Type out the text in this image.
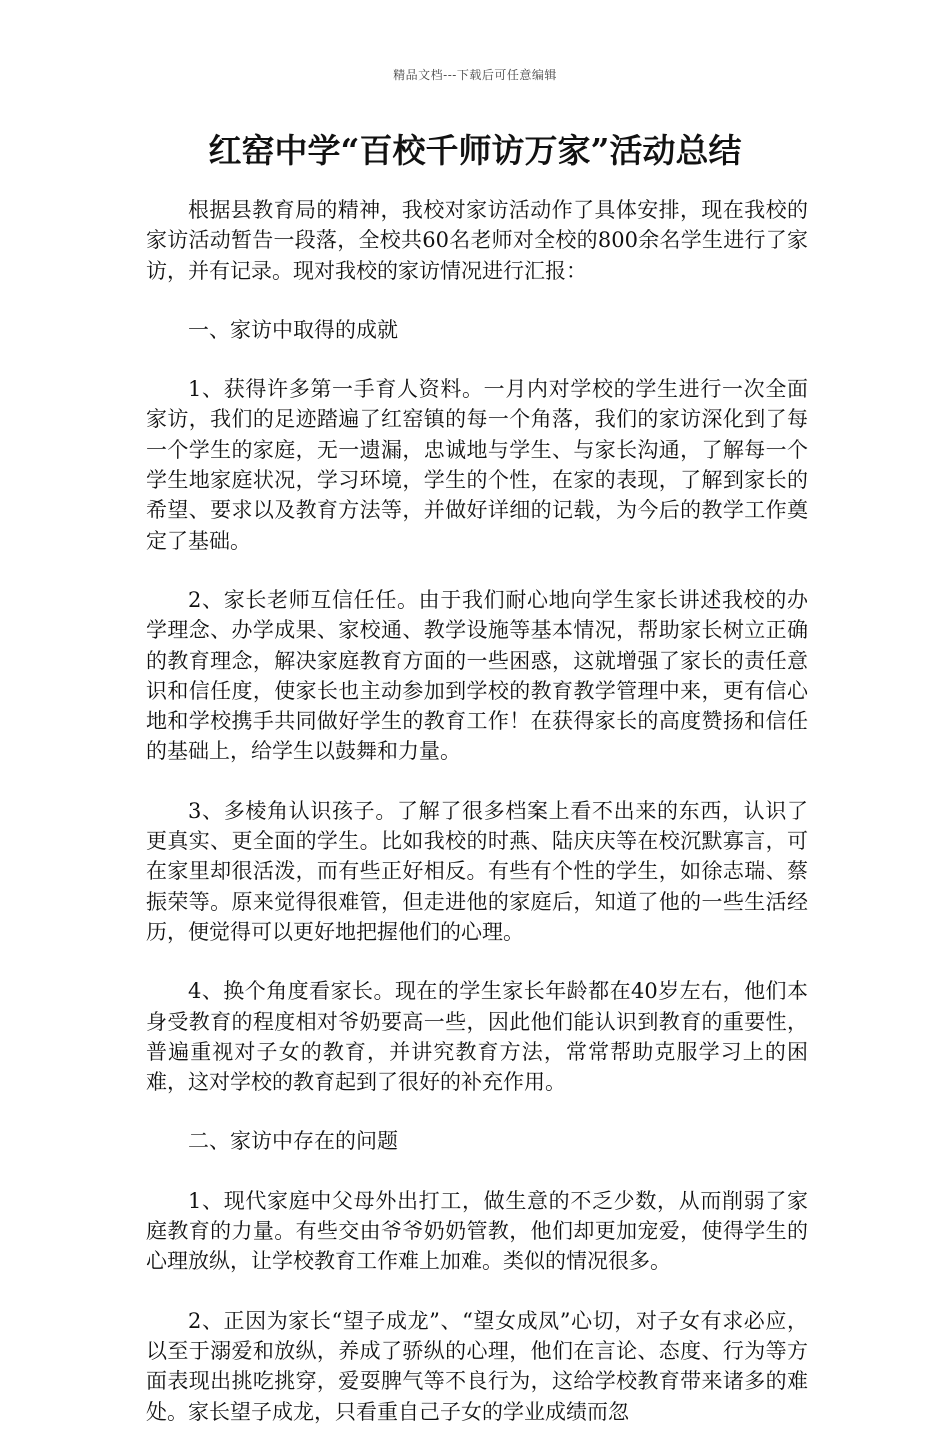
精品文档---下载后可任意编辑
红窑中学“百校千师访万家”活动总结

根据县教育局的精神，我校对家访活动作了具体安排，现在我校的家访活动暂告一段落，全校共60名老师对全校的800余名学生进行了家访，并有记录。现对我校的家访情况进行汇报：

一、家访中取得的成就

1、获得许多第一手育人资料。一月内对学校的学生进行一次全面家访，我们的足迹踏遍了红窑镇的每一个角落，我们的家访深化到了每一个学生的家庭，无一遗漏，忠诚地与学生、与家长沟通，了解每一个学生地家庭状况，学习环境，学生的个性，在家的表现，了解到家长的希望、要求以及教育方法等，并做好详细的记载，为今后的教学工作奠定了基础。

2、家长老师互信任任。由于我们耐心地向学生家长讲述我校的办学理念、办学成果、家校通、教学设施等基本情况，帮助家长树立正确的教育理念，解决家庭教育方面的一些困惑，这就增强了家长的责任意识和信任度，使家长也主动参加到学校的教育教学管理中来，更有信心地和学校携手共同做好学生的教育工作！在获得家长的高度赞扬和信任的基础上，给学生以鼓舞和力量。

3、多棱角认识孩子。了解了很多档案上看不出来的东西，认识了更真实、更全面的学生。比如我校的时燕、陆庆庆等在校沉默寡言，可在家里却很活泼，而有些正好相反。有些有个性的学生，如徐志瑞、蔡振荣等。原来觉得很难管，但走进他的家庭后，知道了他的一些生活经历，便觉得可以更好地把握他们的心理。

4、换个角度看家长。现在的学生家长年龄都在40岁左右，他们本身受教育的程度相对爷奶要高一些，因此他们能认识到教育的重要性，普遍重视对子女的教育，并讲究教育方法，常常帮助克服学习上的困难，这对学校的教育起到了很好的补充作用。

二、家访中存在的问题

1、现代家庭中父母外出打工，做生意的不乏少数，从而削弱了家庭教育的力量。有些交由爷爷奶奶管教，他们却更加宠爱，使得学生的心理放纵，让学校教育工作难上加难。类似的情况很多。

2、正因为家长“望子成龙”、“望女成凤”心切，对子女有求必应，以至于溺爱和放纵，养成了骄纵的心理，他们在言论、态度、行为等方面表现出挑吃挑穿，爱耍脾气等不良行为，这给学校教育带来诸多的难处。家长望子成龙，只看重自己子女的学业成绩而忽
